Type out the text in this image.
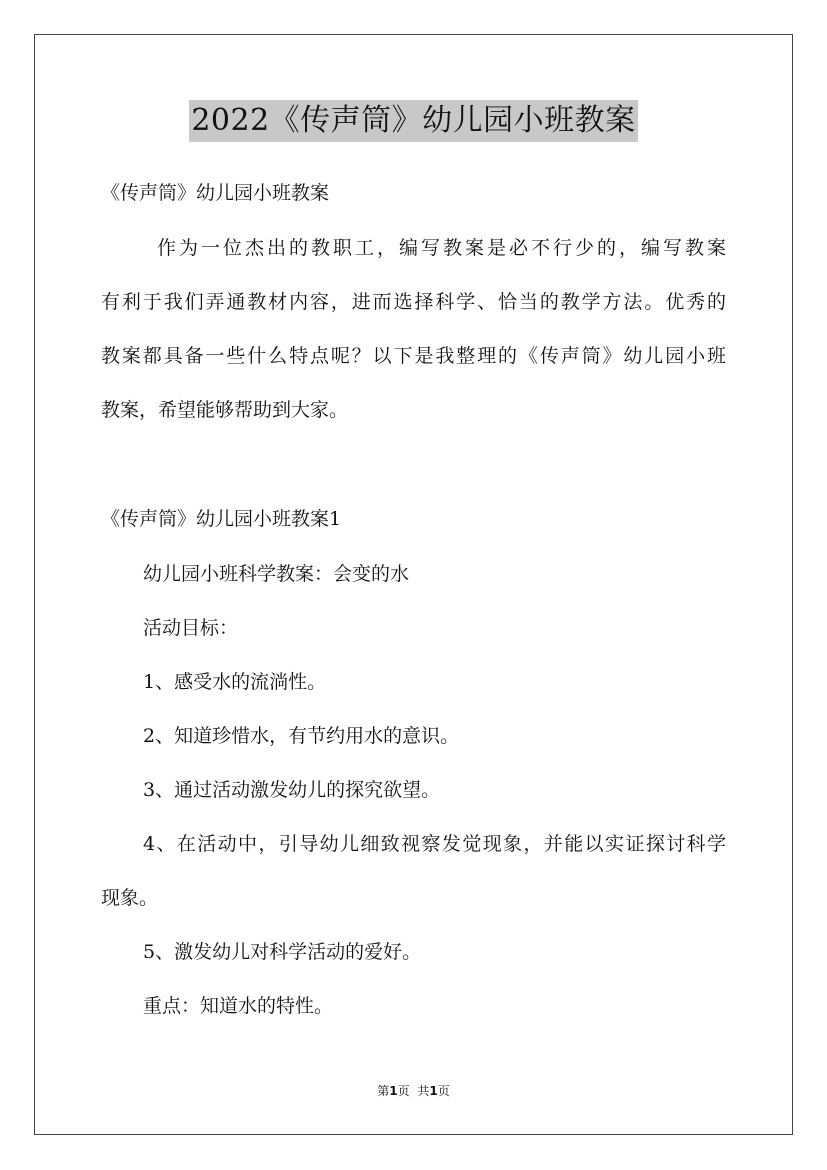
2022《传声筒》幼儿园小班教案
《传声筒》幼儿园小班教案
作为一位杰出的教职工，编写教案是必不行少的，编写教案
有利于我们弄通教材内容，进而选择科学、恰当的教学方法。优秀的
教案都具备一些什么特点呢？以下是我整理的《传声筒》幼儿园小班
教案，希望能够帮助到大家。
《传声筒》幼儿园小班教案1
幼儿园小班科学教案：会变的水
活动目标：
1、感受水的流淌性。
2、知道珍惜水，有节约用水的意识。
3、通过活动激发幼儿的探究欲望。
4、在活动中，引导幼儿细致视察发觉现象，并能以实证探讨科学
现象。
5、激发幼儿对科学活动的爱好。
重点：知道水的特性。
第1页 共1页
